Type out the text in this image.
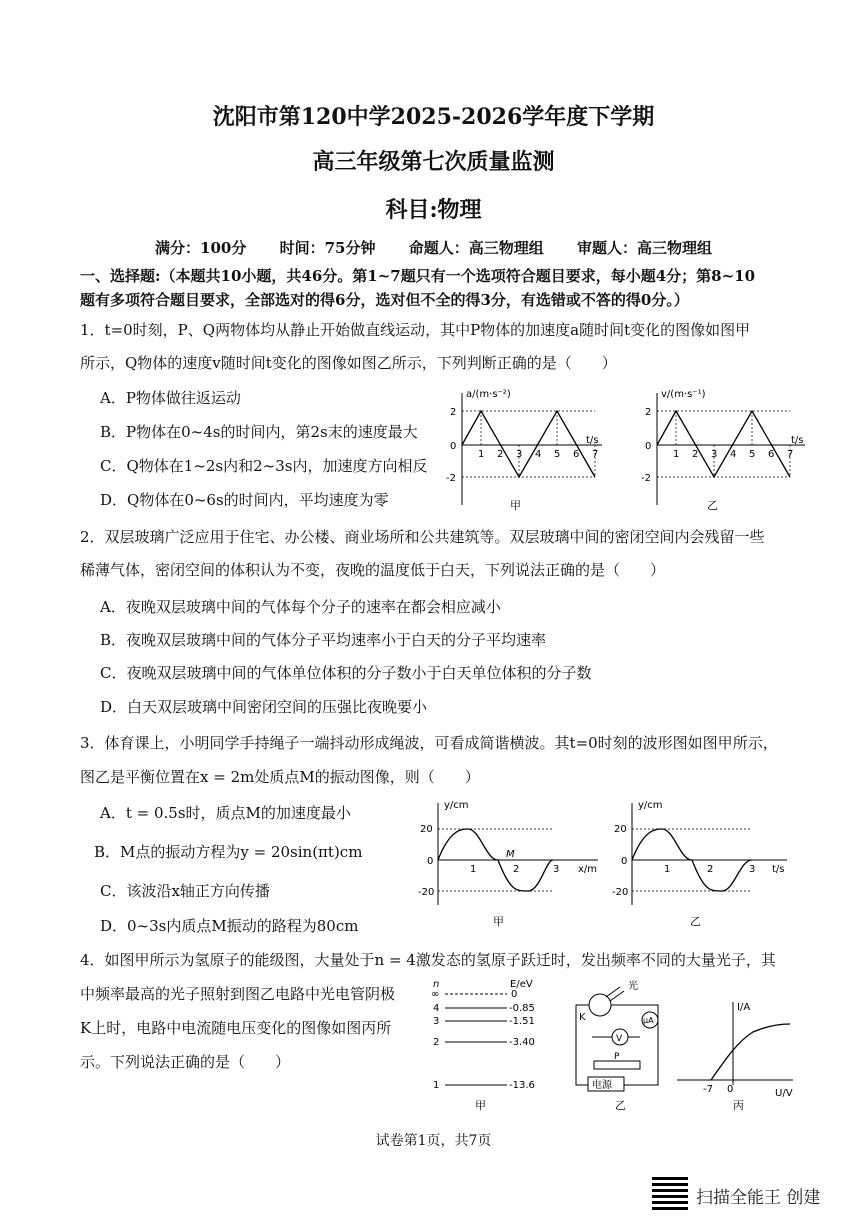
沈阳市第120中学2025-2026学年度下学期
高三年级第七次质量监测
科目:物理
满分：100分 时间：75分钟 命题人：高三物理组 审题人：高三物理组
一、选择题:（本题共10小题，共46分。第1~7题只有一个选项符合题目要求，每小题4分；第8~10
题有多项符合题目要求，全部选对的得6分，选对但不全的得3分，有选错或不答的得0分。）
1．t=0时刻，P、Q两物体均从静止开始做直线运动，其中P物体的加速度a随时间t变化的图像如图甲
所示，Q物体的速度v随时间t变化的图像如图乙所示，下列判断正确的是（　　）
A．P物体做往返运动
B．P物体在0~4s的时间内，第2s末的速度最大
C．Q物体在1~2s内和2~3s内，加速度方向相反
D．Q物体在0~6s的时间内，平均速度为零
a/(m·s⁻²)
t/s
2
0
-2
1 2 3 4 5 6 7
甲
v/(m·s⁻¹)
t/s
2
0
-2
1 2 3 4 5 6 7
乙
2．双层玻璃广泛应用于住宅、办公楼、商业场所和公共建筑等。双层玻璃中间的密闭空间内会残留一些
稀薄气体，密闭空间的体积认为不变，夜晚的温度低于白天，下列说法正确的是（　　）
A．夜晚双层玻璃中间的气体每个分子的速率在都会相应减小
B．夜晚双层玻璃中间的气体分子平均速率小于白天的分子平均速率
C．夜晚双层玻璃中间的气体单位体积的分子数小于白天单位体积的分子数
D．白天双层玻璃中间密闭空间的压强比夜晚要小
3．体育课上，小明同学手持绳子一端抖动形成绳波，可看成简谐横波。其t=0时刻的波形图如图甲所示，
图乙是平衡位置在x = 2m处质点M的振动图像，则（　　）
A．t = 0.5s时，质点M的加速度最小
B．M点的振动方程为y = 20sin(πt)cm
C．该波沿x轴正方向传播
D．0~3s内质点M振动的路程为80cm
y/cm
x/m
20
0
-20
1	2	3
M
甲
y/cm
t/s
20
0
-20
1	2	3
乙
4．如图甲所示为氢原子的能级图，大量处于n = 4激发态的氢原子跃迁时，发出频率不同的大量光子，其
中频率最高的光子照射到图乙电路中光电管阴极
K上时，电路中电流随电压变化的图像如图丙所
示。下列说法正确的是（　　）
n	E/eV
∞	0
4	-0.85
3	-1.51
2	-3.40
1	-13.6
甲
光
K	μA
V
P
电源
乙
I/A
U/V
-7 0
丙
试卷第1页，共7页
扫描全能王 创建
